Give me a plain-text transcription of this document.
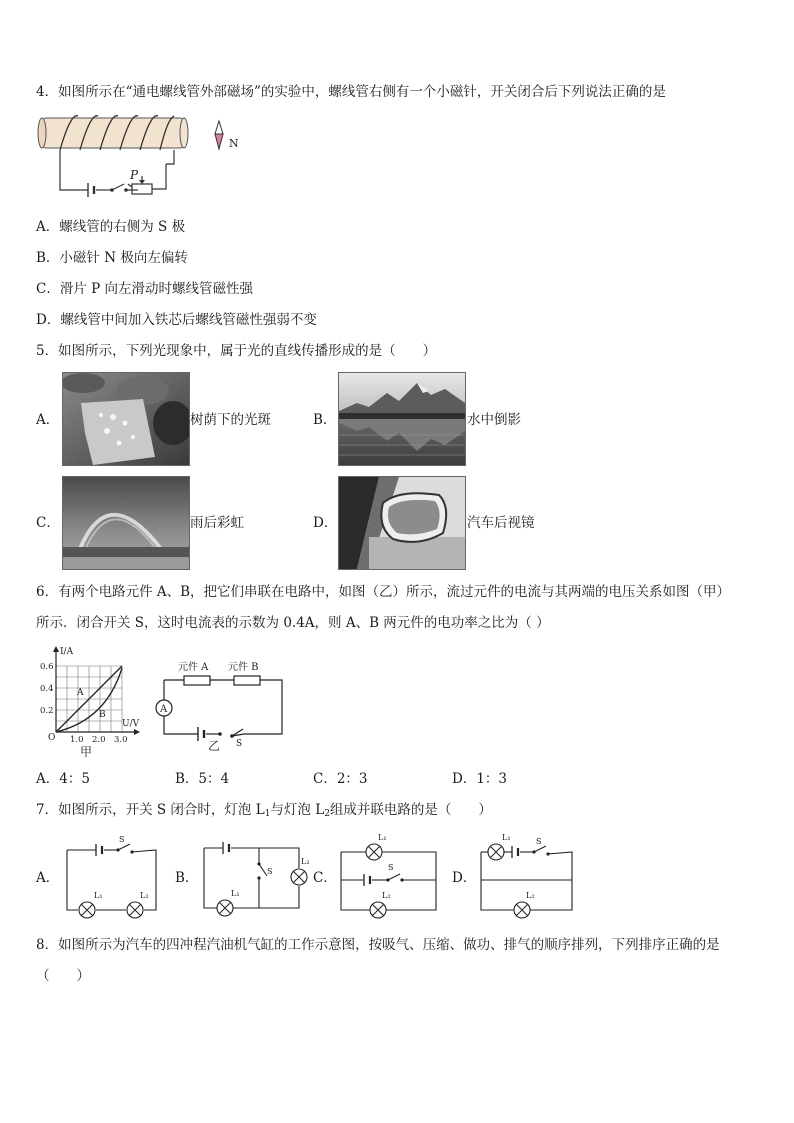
4．如图所示在“通电螺线管外部磁场”的实验中，螺线管右侧有一个小磁针，开关闭合后下列说法正确的是
P
N
A．螺线管的右侧为 S 极
B．小磁针 N 极向左偏转
C．滑片 P 向左滑动时螺线管磁性强
D．螺线管中间加入铁芯后螺线管磁性强弱不变
5．如图所示，下列光现象中，属于光的直线传播形成的是（　　）
A．	树荫下的光斑	B．	水中倒影
C．	雨后彩虹	D．	汽车后视镜
6．有两个电路元件 A、B，把它们串联在电路中，如图（乙）所示，流过元件的电流与其两端的电压关系如图（甲）
所示．闭合开关 S，这时电流表的示数为 0.4A，则 A、B 两元件的电功率之比为（ ）
I/A
U/V
0.6
0.4
0.2
O 1.0 2.0 3.0
A
B
甲
A
元件 A 元件 B
S
乙
A．4：5	B．5：4	C．2：3	D．1：3
7．如图所示，开关 S 闭合时，灯泡 $L_1$与灯泡 $L_2$组成并联电路的是（　　）
A．
S
L₁	L₂
B．	S
L₁
L₂
C．
S
L₁
L₂
D．
S
L₁
L₂
8．如图所示为汽车的四冲程汽油机气缸的工作示意图，按吸气、压缩、做功、排气的顺序排列，下列排序正确的是
（　　）
